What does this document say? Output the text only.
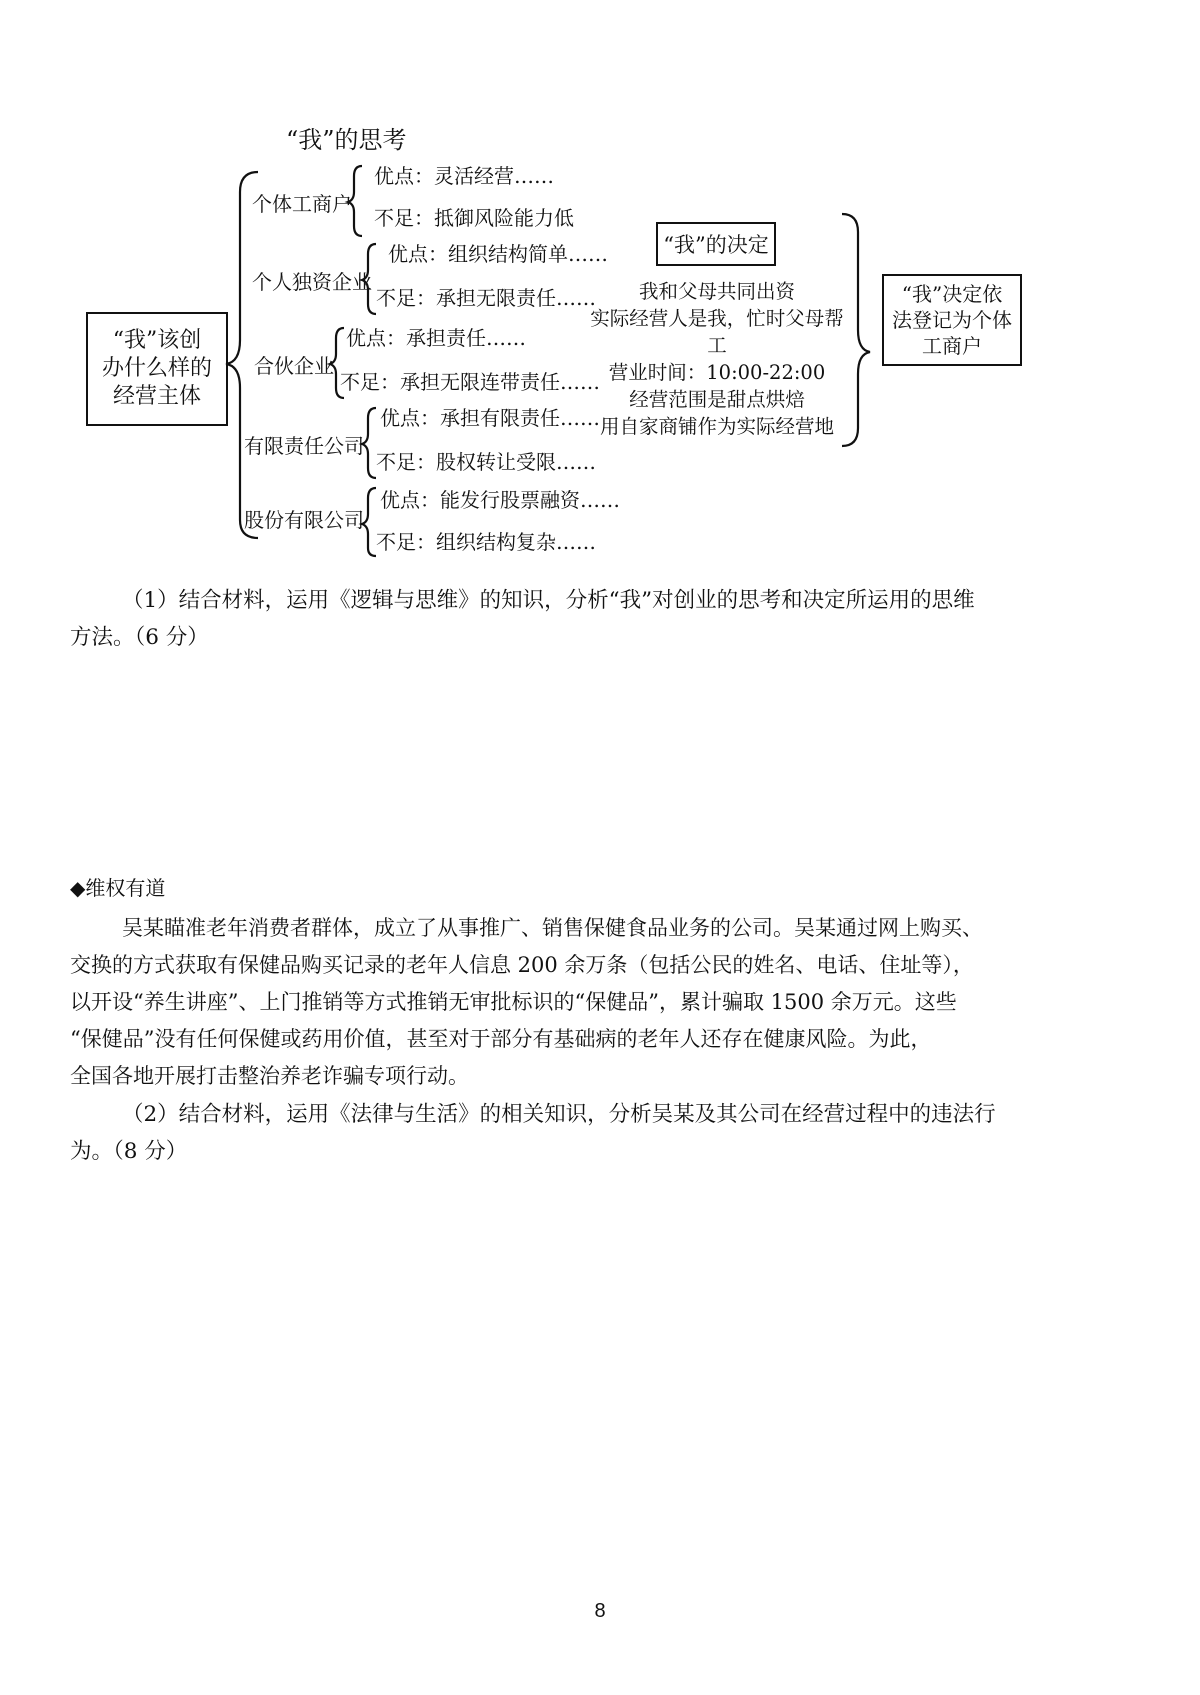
“我”的思考
“我”该创
办什么样的
经营主体
个体工商户
优点：灵活经营……
不足：抵御风险能力低
个人独资企业
优点：组织结构简单……
不足：承担无限责任……
合伙企业
优点：承担责任……
不足：承担无限连带责任……
有限责任公司
优点：承担有限责任……
不足：股权转让受限……
股份有限公司
优点：能发行股票融资……
不足：组织结构复杂……
“我”的决定
我和父母共同出资
实际经营人是我，忙时父母帮工
营业时间：10:00-22:00
经营范围是甜点烘焙
用自家商铺作为实际经营地
“我”决定依
法登记为个体
工商户
（1）结合材料，运用《逻辑与思维》的知识，分析“我”对创业的思考和决定所运用的思维
方法。（6 分）
◆维权有道
吴某瞄准老年消费者群体，成立了从事推广、销售保健食品业务的公司。吴某通过网上购买、
交换的方式获取有保健品购买记录的老年人信息 200 余万条（包括公民的姓名、电话、住址等），
以开设“养生讲座”、上门推销等方式推销无审批标识的“保健品”，累计骗取 1500 余万元。这些
“保健品”没有任何保健或药用价值，甚至对于部分有基础病的老年人还存在健康风险。为此，
全国各地开展打击整治养老诈骗专项行动。
（2）结合材料，运用《法律与生活》的相关知识，分析吴某及其公司在经营过程中的违法行
为。（8 分）
8
